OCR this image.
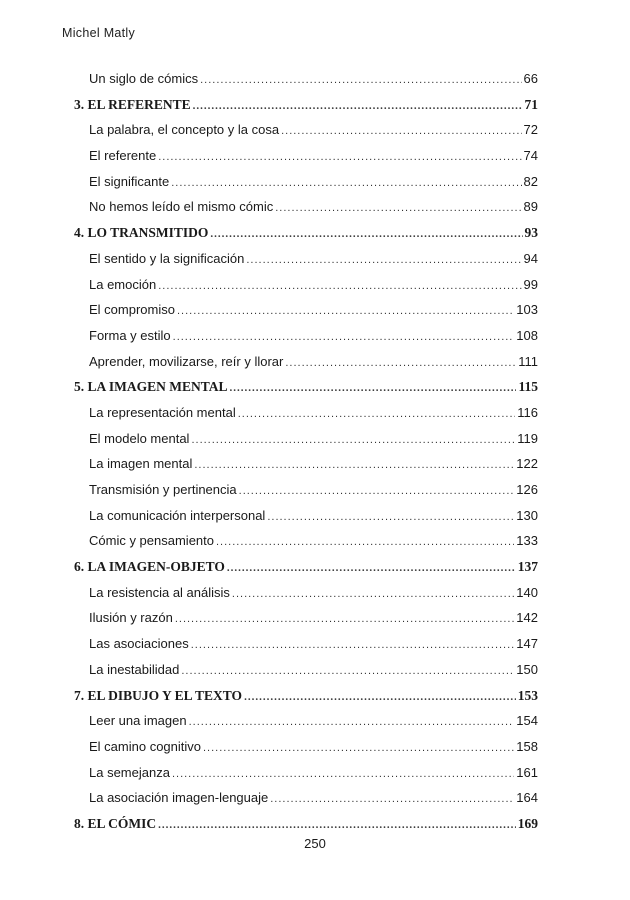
Michel Matly
Un siglo de cómics .....	66
3. EL REFERENTE .....	71
La palabra, el concepto y la cosa .....	72
El referente .....	74
El significante .....	82
No hemos leído el mismo cómic .....	89
4. LO TRANSMITIDO .....	93
El sentido y la significación .....	94
La emoción .....	99
El compromiso .....	103
Forma y estilo .....	108
Aprender, movilizarse, reír y llorar .....	111
5. LA IMAGEN MENTAL .....	115
La representación mental .....	116
El modelo mental .....	119
La imagen mental .....	122
Transmisión y pertinencia .....	126
La comunicación interpersonal .....	130
Cómic y pensamiento .....	133
6. LA IMAGEN-OBJETO .....	137
La resistencia al análisis .....	140
Ilusión y razón .....	142
Las asociaciones .....	147
La inestabilidad .....	150
7. EL DIBUJO Y EL TEXTO .....	153
Leer una imagen .....	154
El camino cognitivo .....	158
La semejanza .....	161
La asociación imagen-lenguaje .....	164
8. EL CÓMIC .....	169
250
